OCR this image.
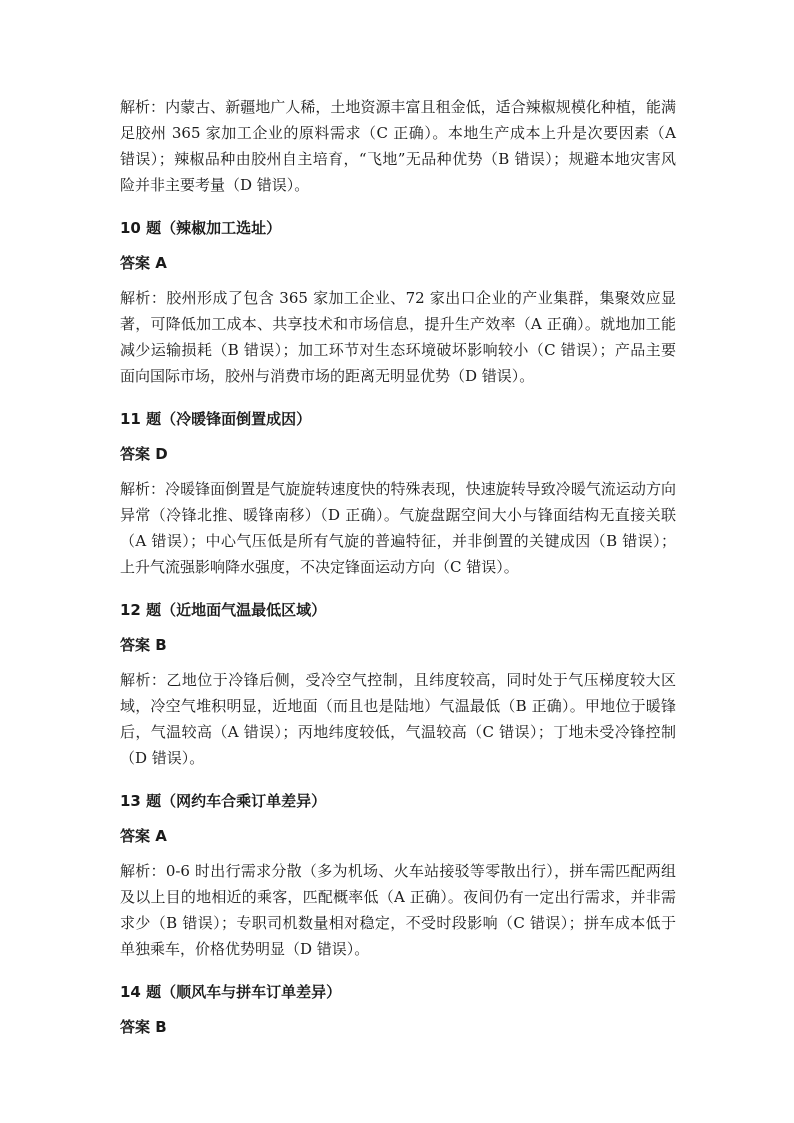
解析：内蒙古、新疆地广人稀，土地资源丰富且租金低，适合辣椒规模化种植，能满足胶州 365 家加工企业的原料需求（C 正确）。本地生产成本上升是次要因素（A 错误）；辣椒品种由胶州自主培育，“飞地”无品种优势（B 错误）；规避本地灾害风险并非主要考量（D 错误）。

10 题（辣椒加工选址）

答案 A

解析：胶州形成了包含 365 家加工企业、72 家出口企业的产业集群，集聚效应显著，可降低加工成本、共享技术和市场信息，提升生产效率（A 正确）。就地加工能减少运输损耗（B 错误）；加工环节对生态环境破坏影响较小（C 错误）；产品主要面向国际市场，胶州与消费市场的距离无明显优势（D 错误）。

11 题（冷暖锋面倒置成因）

答案 D

解析：冷暖锋面倒置是气旋旋转速度快的特殊表现，快速旋转导致冷暖气流运动方向异常（冷锋北推、暖锋南移）（D 正确）。气旋盘踞空间大小与锋面结构无直接关联（A 错误）；中心气压低是所有气旋的普遍特征，并非倒置的关键成因（B 错误）；上升气流强影响降水强度，不决定锋面运动方向（C 错误）。

12 题（近地面气温最低区域）

答案 B

解析：乙地位于冷锋后侧，受冷空气控制，且纬度较高，同时处于气压梯度较大区域，冷空气堆积明显，近地面（而且也是陆地）气温最低（B 正确）。甲地位于暖锋后，气温较高（A 错误）；丙地纬度较低，气温较高（C 错误）；丁地未受冷锋控制（D 错误）。

13 题（网约车合乘订单差异）

答案 A

解析：0-6 时出行需求分散（多为机场、火车站接驳等零散出行），拼车需匹配两组及以上目的地相近的乘客，匹配概率低（A 正确）。夜间仍有一定出行需求，并非需求少（B 错误）；专职司机数量相对稳定，不受时段影响（C 错误）；拼车成本低于单独乘车，价格优势明显（D 错误）。

14 题（顺风车与拼车订单差异）

答案 B
